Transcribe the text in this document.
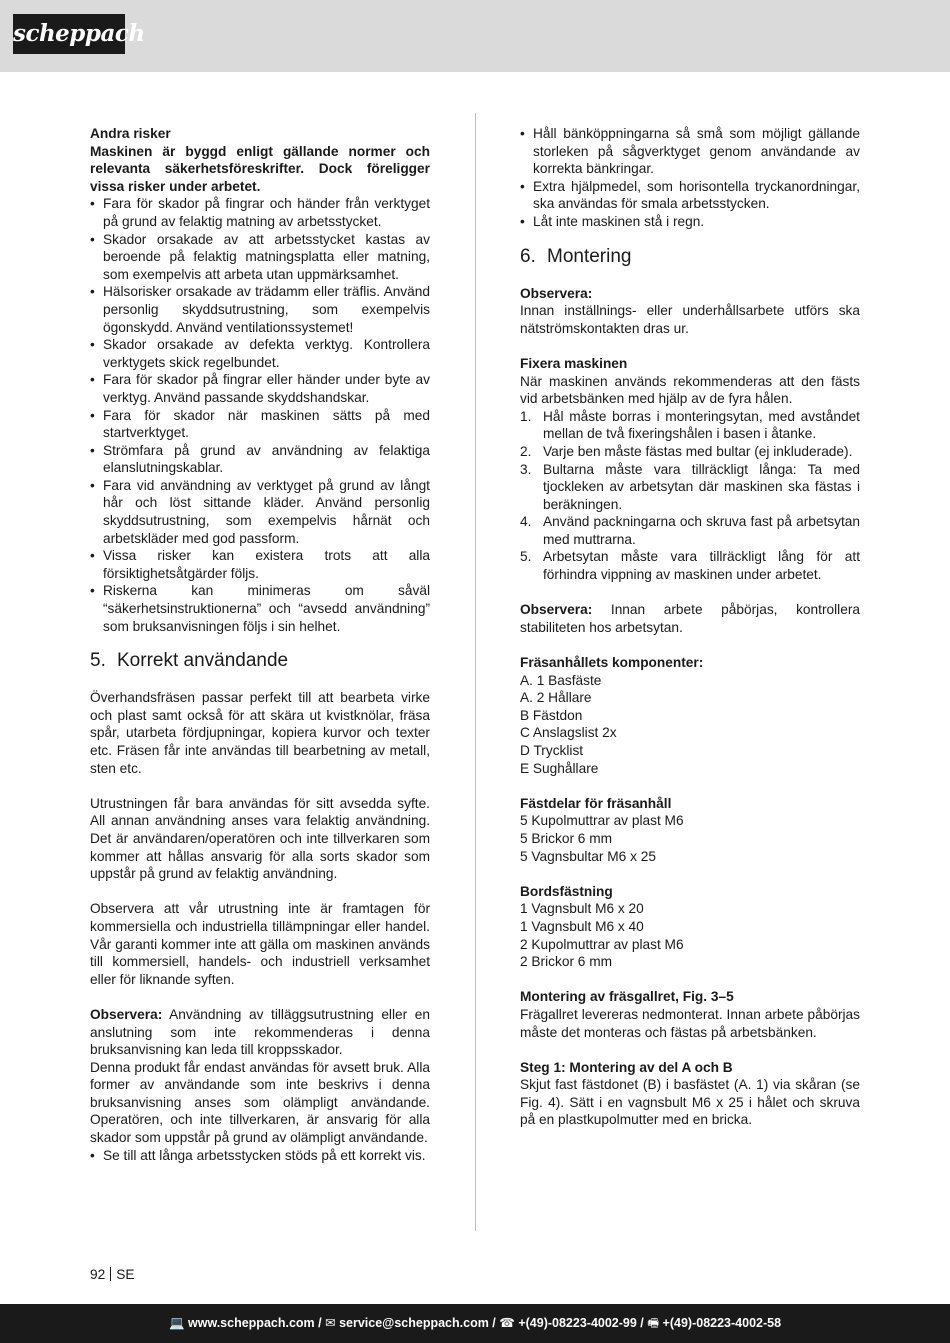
scheppach

Andra risker

Maskinen är byggd enligt gällande normer och relevanta säkerhetsföreskrifter. Dock föreligger vissa risker under arbetet.

• Fara för skador på fingrar och händer från verktyget på grund av felaktig matning av arbetsstycket.
• Skador orsakade av att arbetsstycket kastas av beroende på felaktig matningsplatta eller matning, som exempelvis att arbeta utan uppmärksamhet.
• Hälsorisker orsakade av trädamm eller träflis. Använd personlig skyddsutrustning, som exempelvis ögonskydd. Använd ventilationssystemet!
• Skador orsakade av defekta verktyg. Kontrollera verktygets skick regelbundet.
• Fara för skador på fingrar eller händer under byte av verktyg. Använd passande skyddshandskar.
• Fara för skador när maskinen sätts på med startverktyget.
• Strömfara på grund av användning av felaktiga elanslutningskablar.
• Fara vid användning av verktyget på grund av långt hår och löst sittande kläder. Använd personlig skyddsutrustning, som exempelvis hårnät och arbetskläder med god passform.
• Vissa risker kan existera trots att alla försiktighetsåtgärder följs.
• Riskerna kan minimeras om såväl “säkerhetsinstruktionerna” och “avsedd användning” som bruksanvisningen följs i sin helhet.
5. Korrekt användande

Överhandsfräsen passar perfekt till att bearbeta virke och plast samt också för att skära ut kvistknölar, fräsa spår, utarbeta fördjupningar, kopiera kurvor och texter etc. Fräsen får inte användas till bearbetning av metall, sten etc.

Utrustningen får bara användas för sitt avsedda syfte. All annan användning anses vara felaktig användning. Det är användaren/operatören och inte tillverkaren som kommer att hållas ansvarig för alla sorts skador som uppstår på grund av felaktig användning.

Observera att vår utrustning inte är framtagen för kommersiella och industriella tillämpningar eller handel. Vår garanti kommer inte att gälla om maskinen används till kommersiell, handels- och industriell verksamhet eller för liknande syften.

Observera: Användning av tilläggsutrustning eller en anslutning som inte rekommenderas i denna bruksanvisning kan leda till kroppsskador.

Denna produkt får endast användas för avsett bruk. Alla former av användande som inte beskrivs i denna bruksanvisning anses som olämpligt användande. Operatören, och inte tillverkaren, är ansvarig för alla skador som uppstår på grund av olämpligt användande.

• Se till att långa arbetsstycken stöds på ett korrekt vis.
• Håll bänköppningarna så små som möjligt gällande storleken på sågverktyget genom användande av korrekta bänkringar.
• Extra hjälpmedel, som horisontella tryckanordningar, ska användas för smala arbetsstycken.
• Låt inte maskinen stå i regn.
6. Montering

Observera:

Innan inställnings- eller underhållsarbete utförs ska nätströmskontakten dras ur.

Fixera maskinen

När maskinen används rekommenderas att den fästs vid arbetsbänken med hjälp av de fyra hålen.

1. Hål måste borras i monteringsytan, med avståndet mellan de två fixeringshålen i basen i åtanke.
2. Varje ben måste fästas med bultar (ej inkluderade).
3. Bultarna måste vara tillräckligt långa: Ta med tjockleken av arbetsytan där maskinen ska fästas i beräkningen.
4. Använd packningarna och skruva fast på arbetsytan med muttrarna.
5. Arbetsytan måste vara tillräckligt lång för att förhindra vippning av maskinen under arbetet.

Observera: Innan arbete påbörjas, kontrollera stabiliteten hos arbetsytan.

Fräsanhållets komponenter:

A. 1 Basfäste
A. 2 Hållare
B Fästdon
C Anslagslist 2x
D Trycklist
E Sughållare

Fästdelar för fräsanhåll

5 Kupolmuttrar av plast M6
5 Brickor 6 mm
5 Vagnsbultar M6 x 25

Bordsfästning

1 Vagnsbult M6 x 20
1 Vagnsbult M6 x 40
2 Kupolmuttrar av plast M6
2 Brickor 6 mm

Montering av fräsgallret, Fig. 3–5

Frägallret levereras nedmonterat. Innan arbete påbörjas måste det monteras och fästas på arbetsbänken.

Steg 1: Montering av del A och B

Skjut fast fästdonet (B) i basfästet (A. 1) via skåran (se Fig. 4). Sätt i en vagnsbult M6 x 25 i hålet och skruva på en plastkupolmutter med en bricka.

92 SE
💻 www.scheppach.com / ✉ service@scheppach.com / ☎ +(49)-08223-4002-99 / 🖷 +(49)-08223-4002-58
